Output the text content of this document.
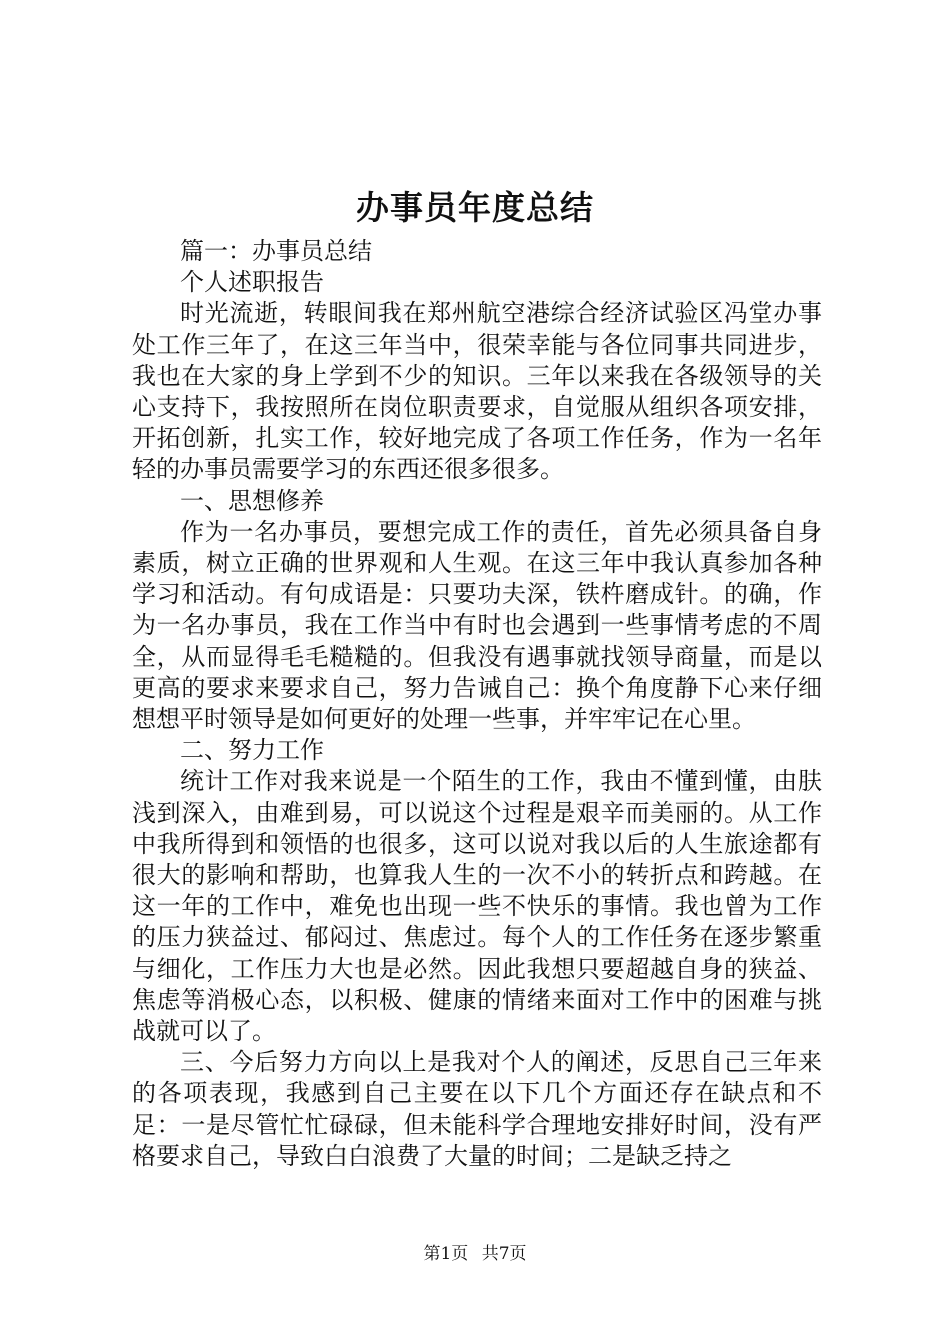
办事员年度总结

篇一：办事员总结

个人述职报告

时光流逝，转眼间我在郑州航空港综合经济试验区冯堂办事处工作三年了，在这三年当中，很荣幸能与各位同事共同进步，我也在大家的身上学到不少的知识。三年以来我在各级领导的关心支持下，我按照所在岗位职责要求，自觉服从组织各项安排，开拓创新，扎实工作，较好地完成了各项工作任务，作为一名年轻的办事员需要学习的东西还很多很多。

一、思想修养

作为一名办事员，要想完成工作的责任，首先必须具备自身素质，树立正确的世界观和人生观。在这三年中我认真参加各种学习和活动。有句成语是：只要功夫深，铁杵磨成针。的确，作为一名办事员，我在工作当中有时也会遇到一些事情考虑的不周全，从而显得毛毛糙糙的。但我没有遇事就找领导商量，而是以更高的要求来要求自己，努力告诫自己：换个角度静下心来仔细想想平时领导是如何更好的处理一些事，并牢牢记在心里。

二、努力工作

统计工作对我来说是一个陌生的工作，我由不懂到懂，由肤浅到深入，由难到易，可以说这个过程是艰辛而美丽的。从工作中我所得到和领悟的也很多，这可以说对我以后的人生旅途都有很大的影响和帮助，也算我人生的一次不小的转折点和跨越。在这一年的工作中，难免也出现一些不快乐的事情。我也曾为工作的压力狭益过、郁闷过、焦虑过。每个人的工作任务在逐步繁重与细化，工作压力大也是必然。因此我想只要超越自身的狭益、焦虑等消极心态，以积极、健康的情绪来面对工作中的困难与挑战就可以了。

三、今后努力方向以上是我对个人的阐述，反思自己三年来的各项表现，我感到自己主要在以下几个方面还存在缺点和不足：一是尽管忙忙碌碌，但未能科学合理地安排好时间，没有严格要求自己，导致白白浪费了大量的时间；二是缺乏持之

第1页 共7页
